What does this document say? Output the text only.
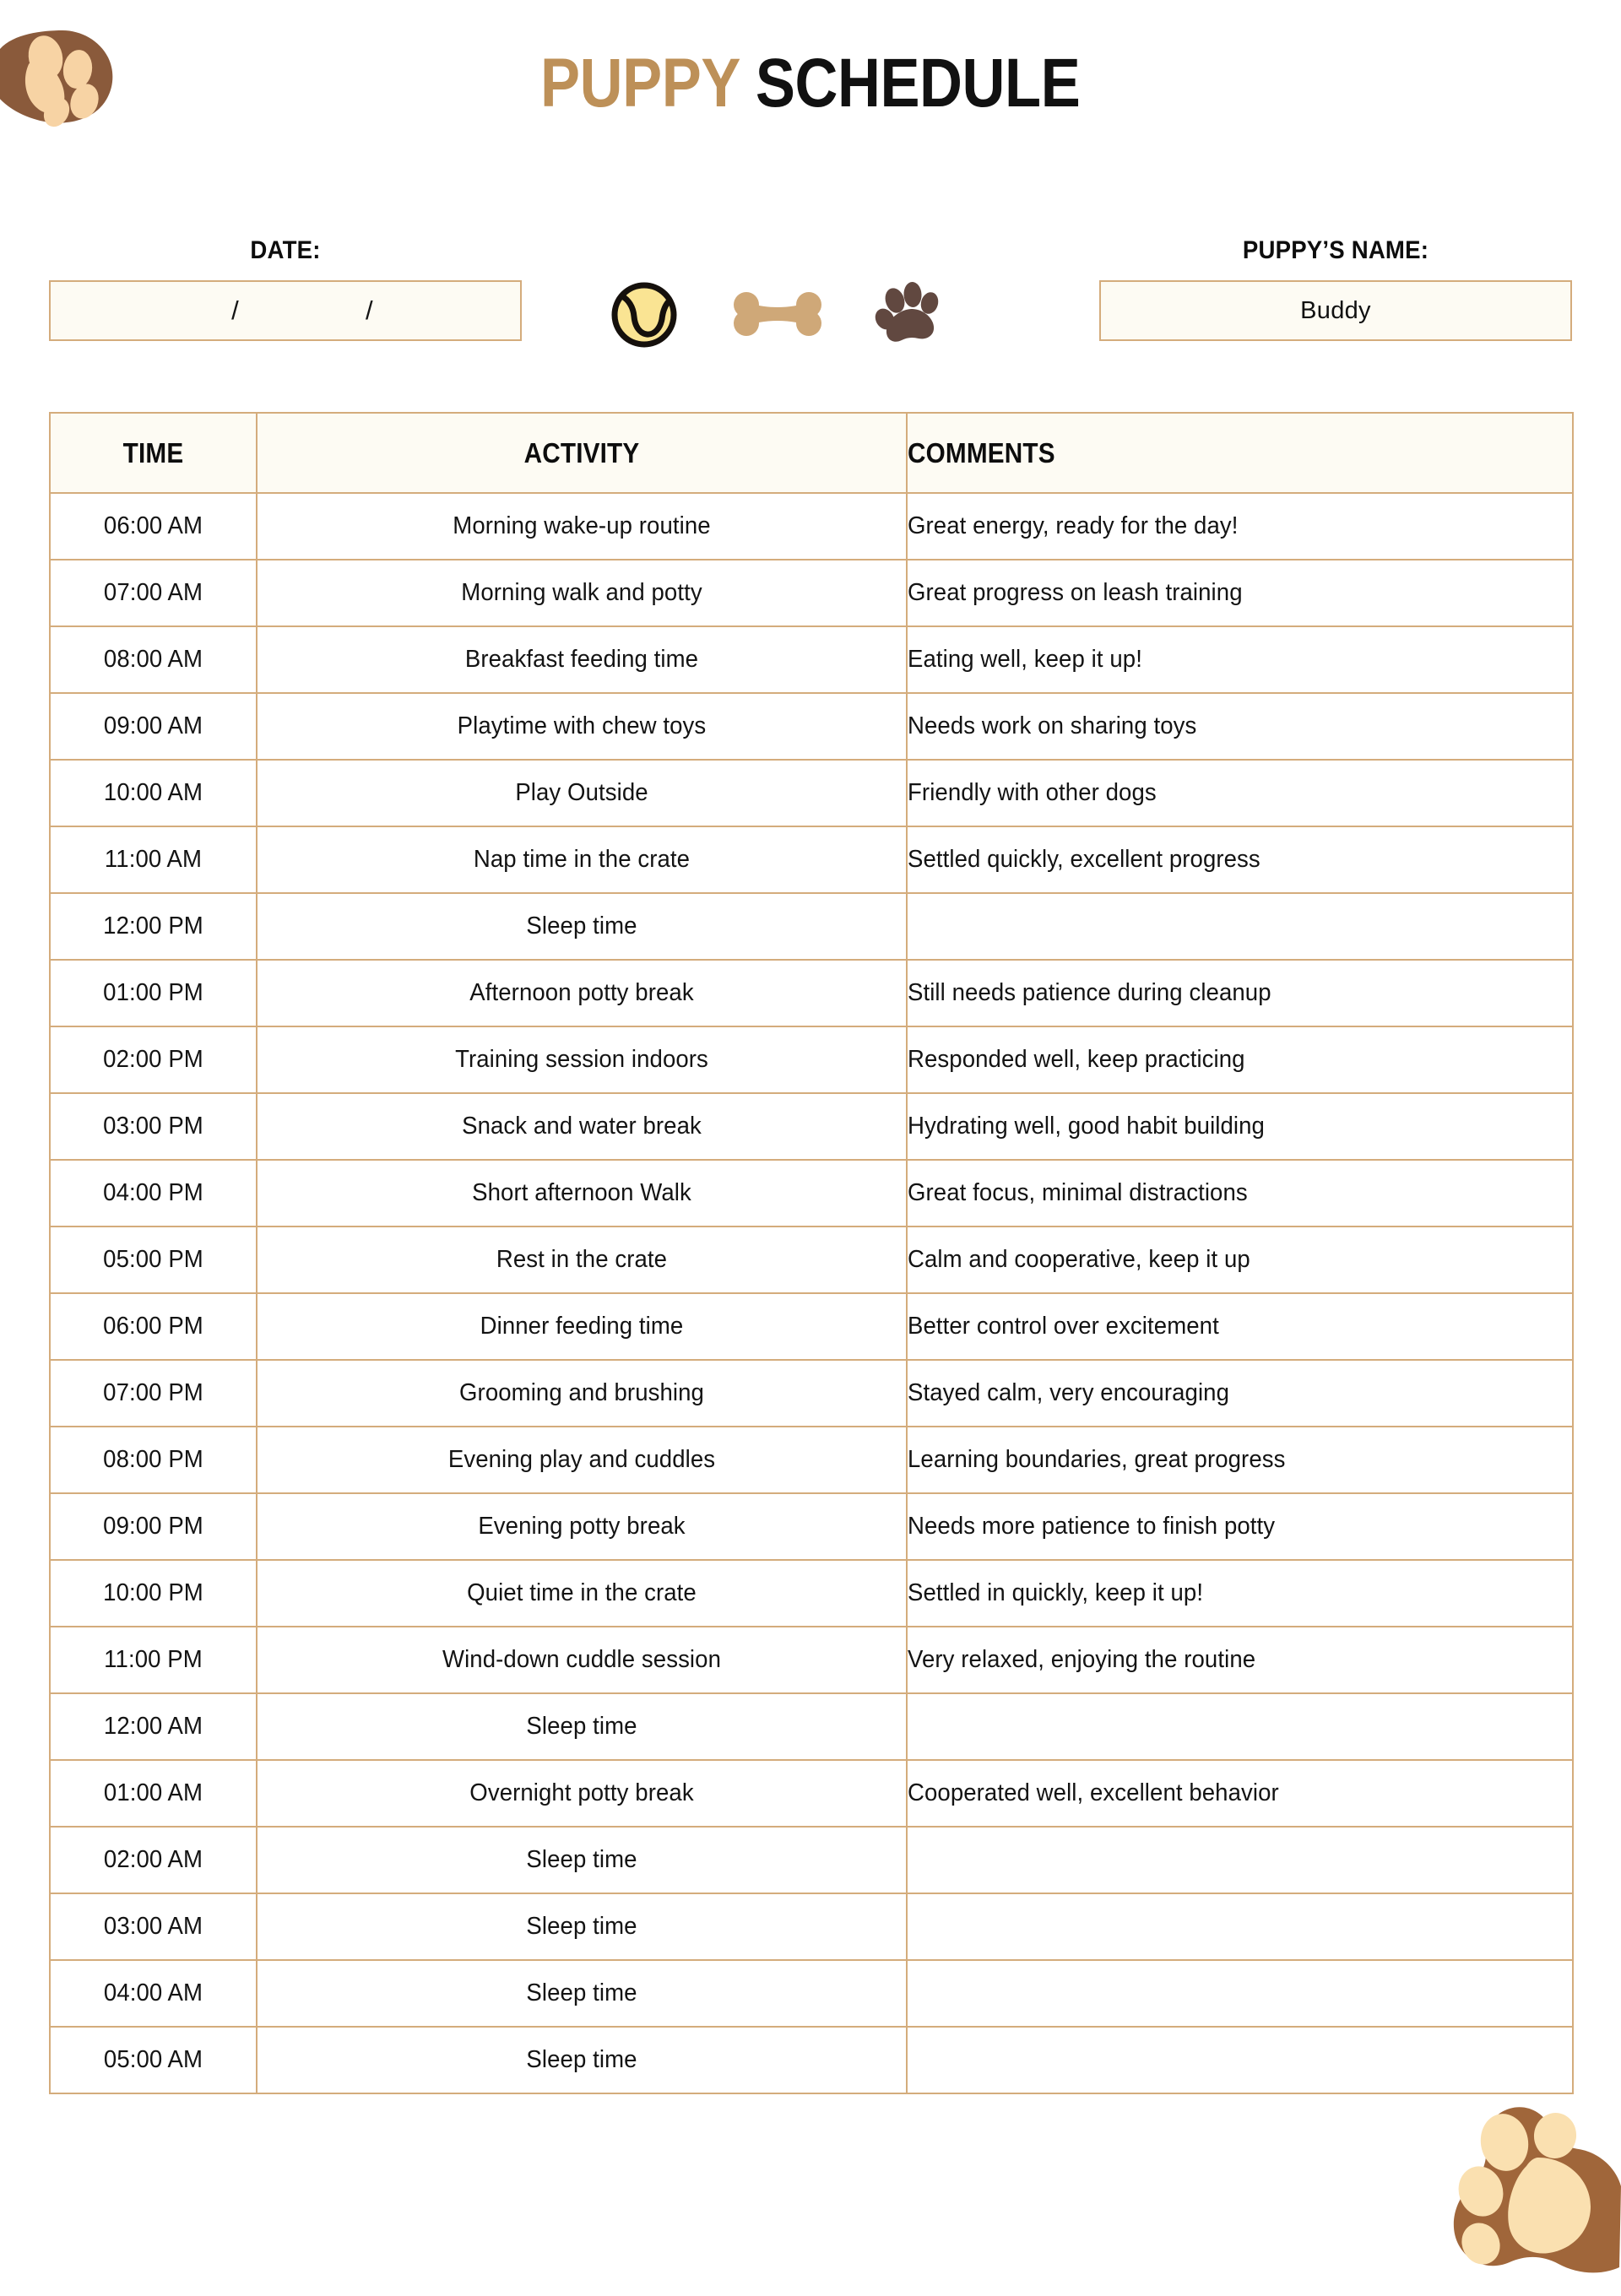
PUPPY SCHEDULE
DATE:
/	/
PUPPY’S NAME:
Buddy
TIME	ACTIVITY	COMMENTS

06:00 AM	Morning wake-up routine	Great energy, ready for the day!

07:00 AM	Morning walk and potty	Great progress on leash training

08:00 AM	Breakfast feeding time	Eating well, keep it up!

09:00 AM	Playtime with chew toys	Needs work on sharing toys

10:00 AM	Play Outside	Friendly with other dogs

11:00 AM	Nap time in the crate	Settled quickly, excellent progress

12:00 PM	Sleep time	

01:00 PM	Afternoon potty break	Still needs patience during cleanup

02:00 PM	Training session indoors	Responded well, keep practicing

03:00 PM	Snack and water break	Hydrating well, good habit building

04:00 PM	Short afternoon Walk	Great focus, minimal distractions

05:00 PM	Rest in the crate	Calm and cooperative, keep it up

06:00 PM	Dinner feeding time	Better control over excitement

07:00 PM	Grooming and brushing	Stayed calm, very encouraging

08:00 PM	Evening play and cuddles	Learning boundaries, great progress

09:00 PM	Evening potty break	Needs more patience to finish potty

10:00 PM	Quiet time in the crate	Settled in quickly, keep it up!

11:00 PM	Wind-down cuddle session	Very relaxed, enjoying the routine

12:00 AM	Sleep time	

01:00 AM	Overnight potty break	Cooperated well, excellent behavior

02:00 AM	Sleep time	

03:00 AM	Sleep time	

04:00 AM	Sleep time	

05:00 AM	Sleep time	
